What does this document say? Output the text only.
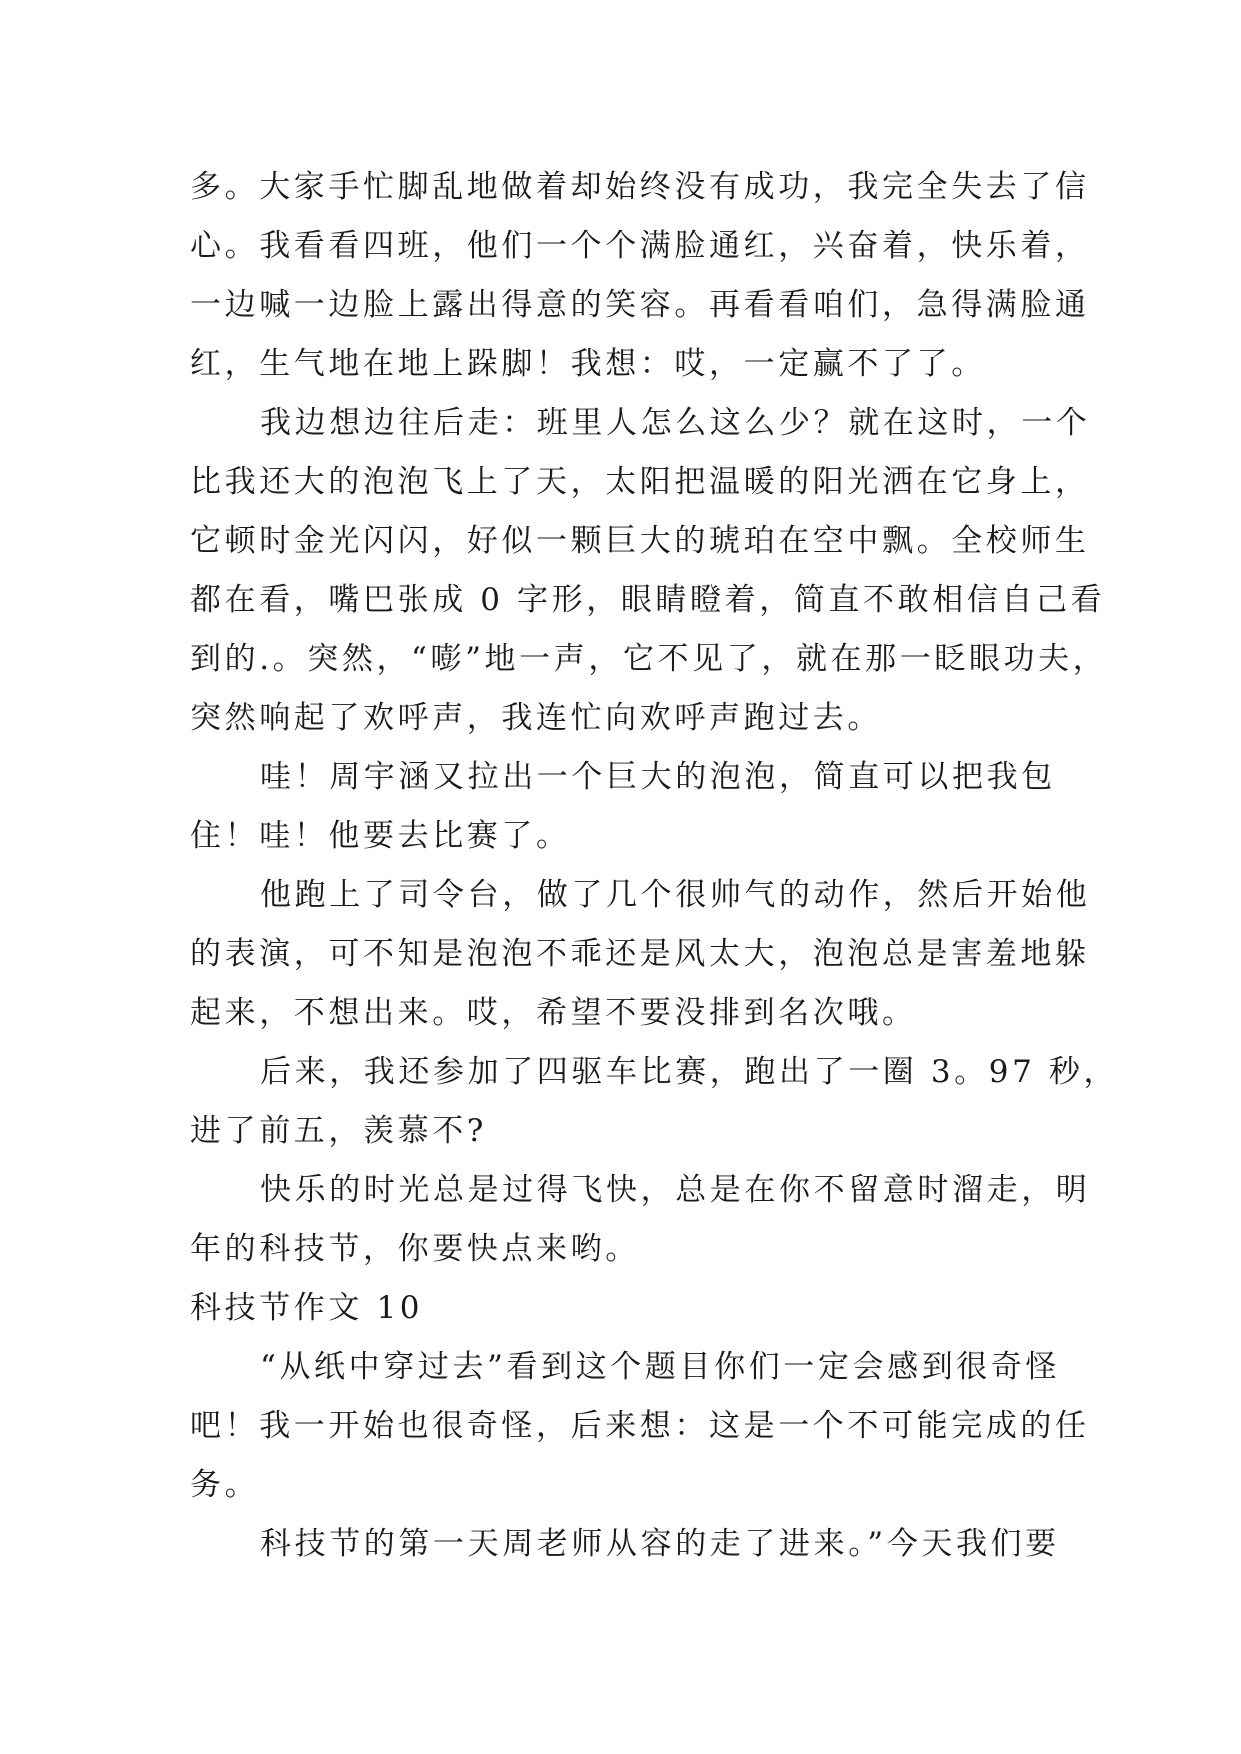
多。大家手忙脚乱地做着却始终没有成功，我完全失去了信
心。我看看四班，他们一个个满脸通红，兴奋着，快乐着，
一边喊一边脸上露出得意的笑容。再看看咱们，急得满脸通
红，生气地在地上跺脚！我想：哎，一定赢不了了。
我边想边往后走：班里人怎么这么少？就在这时，一个
比我还大的泡泡飞上了天，太阳把温暖的阳光洒在它身上，
它顿时金光闪闪，好似一颗巨大的琥珀在空中飘。全校师生
都在看，嘴巴张成 0 字形，眼睛瞪着，简直不敢相信自己看
到的.。突然，“嘭”地一声，它不见了，就在那一眨眼功夫，
突然响起了欢呼声，我连忙向欢呼声跑过去。
哇！周宇涵又拉出一个巨大的泡泡，简直可以把我包
住！哇！他要去比赛了。
他跑上了司令台，做了几个很帅气的动作，然后开始他
的表演，可不知是泡泡不乖还是风太大，泡泡总是害羞地躲
起来，不想出来。哎，希望不要没排到名次哦。
后来，我还参加了四驱车比赛，跑出了一圈 3。97 秒，
进了前五，羡慕不?
快乐的时光总是过得飞快，总是在你不留意时溜走，明
年的科技节，你要快点来哟。
科技节作文 10
“从纸中穿过去”看到这个题目你们一定会感到很奇怪
吧！我一开始也很奇怪，后来想：这是一个不可能完成的任
务。
科技节的第一天周老师从容的走了进来。”今天我们要
